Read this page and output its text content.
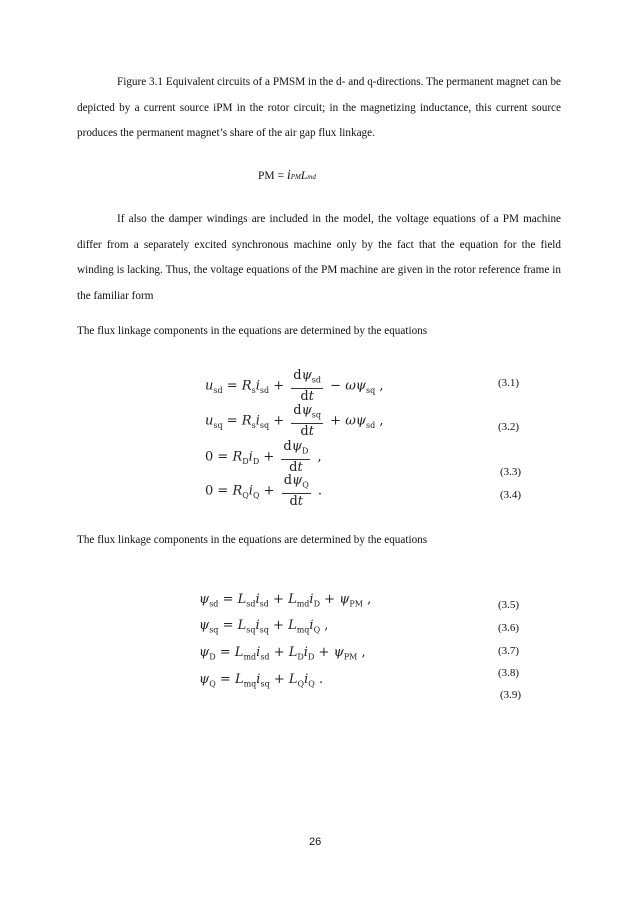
Figure 3.1 Equivalent circuits of a PMSM in the d- and q-directions. The permanent magnet can be depicted by a current source iPM in the rotor circuit; in the magnetizing inductance, this current source produces the permanent magnet’s share of the air gap flux linkage.

PM = iPMLmd

If also the damper windings are included in the model, the voltage equations of a PM machine differ from a separately excited synchronous machine only by the fact that the equation for the field winding is lacking. Thus, the voltage equations of the PM machine are given in the rotor reference frame in the familiar form

The flux linkage components in the equations are determined by the equations

$u_{sd} = R_si_{sd} + \frac{d\psi_{sd}}{dt} - \omega\psi_{sq}$ ,
$u_{sq} = R_si_{sq} + \frac{d\psi_{sq}}{dt} + \omega\psi_{sd}$ ,
$0 = R_Di_D + \frac{d\psi_D}{dt}$ ,
$0 = R_Qi_Q + \frac{d\psi_Q}{dt}$ .
(3.1)
(3.2)
(3.3)
(3.4)

The flux linkage components in the equations are determined by the equations

$\psi_{sd} = L_{sd}i_{sd} + L_{md}i_D + \psi_{PM}$ ,
$\psi_{sq} = L_{sq}i_{sq} + L_{mq}i_Q$ ,
$\psi_D = L_{md}i_{sd} + L_Di_D + \psi_{PM}$ ,
$\psi_Q = L_{mq}i_{sq} + L_Qi_Q$ .
(3.5)
(3.6)
(3.7)
(3.8)
(3.9)
26
